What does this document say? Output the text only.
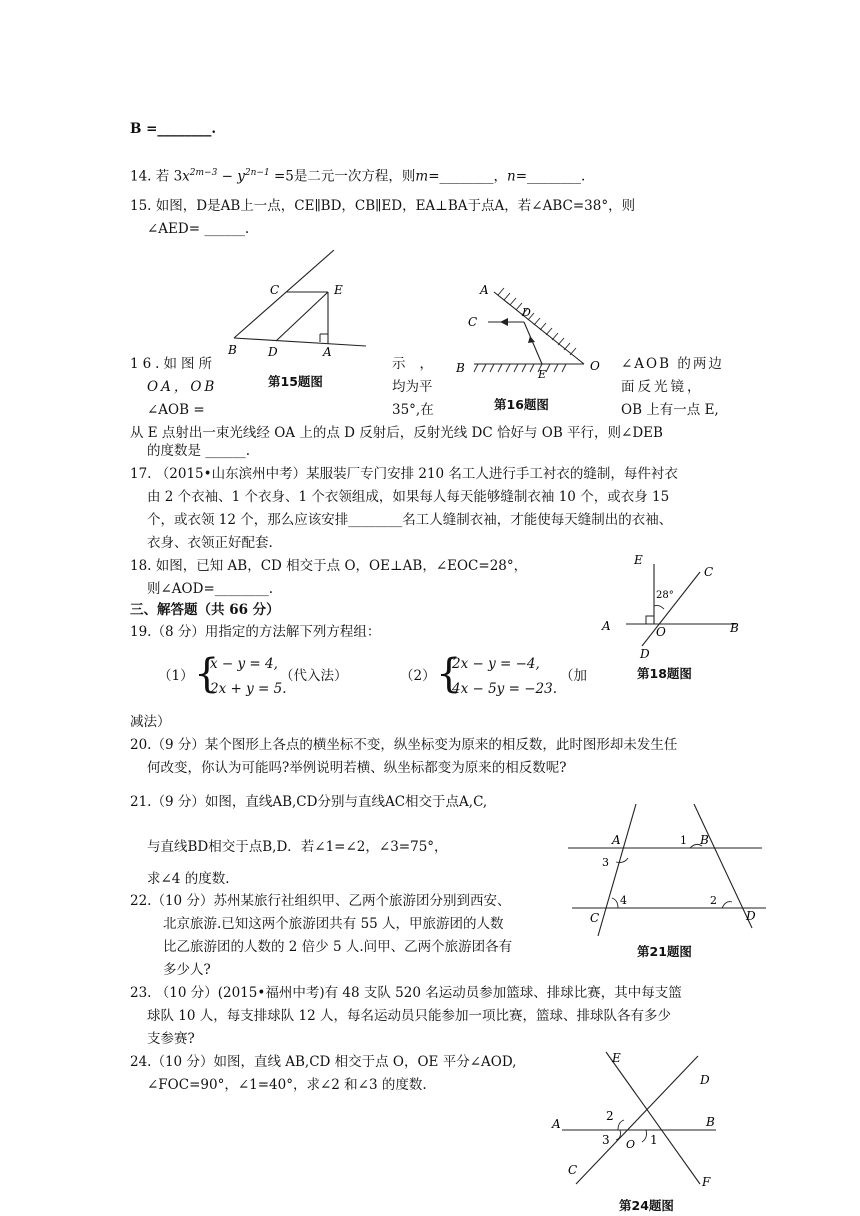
B =________.
14. 若 $3x^{2m-3} - y^{2n-1} =5$是二元一次方程，则m=________，n=________.
15. 如图，D是AB上一点，CE∥BD，CB∥ED，EA⊥BA于点A，若∠ABC=38°，则
∠AED= ______.
C	E
B	D	A
第15题图
A
D
C
B	E
O
第16题图
16.如图所
OA，OB
∠AOB =
示，
均为平
35°,在
∠AOB 的两边
面反光镜，
OB 上有一点 E,
从 E 点射出一束光线经 OA 上的点 D 反射后，反射光线 DC 恰好与 OB 平行，则∠DEB
的度数是 ______.
17. （2015•山东滨州中考）某服装厂专门安排 210 名工人进行手工衬衣的缝制，每件衬衣
由 2 个衣袖、1 个衣身、1 个衣领组成，如果每人每天能够缝制衣袖 10 个，或衣身 15
个，或衣领 12 个，那么应该安排________名工人缝制衣袖，才能使每天缝制出的衣袖、
衣身、衣领正好配套.
18. 如图，已知 AB，CD 相交于点 O，OE⊥AB，∠EOC=28°，
则∠AOD=________.
E
C
28°
A	O	B
D
第18题图
三、解答题（共 66 分）
19.（8 分）用指定的方法解下列方程组：
（1） {
x − y = 4,
2x + y = 5.
（代入法）	（2） {
2x − y = −4,
4x − 5y = −23.
（加
减法）
20.（9 分）某个图形上各点的横坐标不变，纵坐标变为原来的相反数，此时图形却未发生任
何改变，你认为可能吗?举例说明若横、纵坐标都变为原来的相反数呢?
21.（9 分）如图，直线AB,CD分别与直线AC相交于点A,C,
与直线BD相交于点B,D．若∠1=∠2，∠3=75°，
求∠4 的度数.
A	1 B
3
4	2
C	D
第21题图
22.（10 分）苏州某旅行社组织甲、乙两个旅游团分别到西安、
北京旅游.已知这两个旅游团共有 55 人，甲旅游团的人数
比乙旅游团的人数的 2 倍少 5 人.问甲、乙两个旅游团各有
多少人?
23. （10 分）(2015•福州中考)有 48 支队 520 名运动员参加篮球、排球比赛，其中每支篮
球队 10 人，每支排球队 12 人，每名运动员只能参加一项比赛，篮球、排球队各有多少
支参赛?
24.（10 分）如图，直线 AB,CD 相交于点 O，OE 平分∠AOD,
∠FOC=90°，∠1=40°，求∠2 和∠3 的度数.
E
D
2
A	B
3 O 1
C
F
第24题图
